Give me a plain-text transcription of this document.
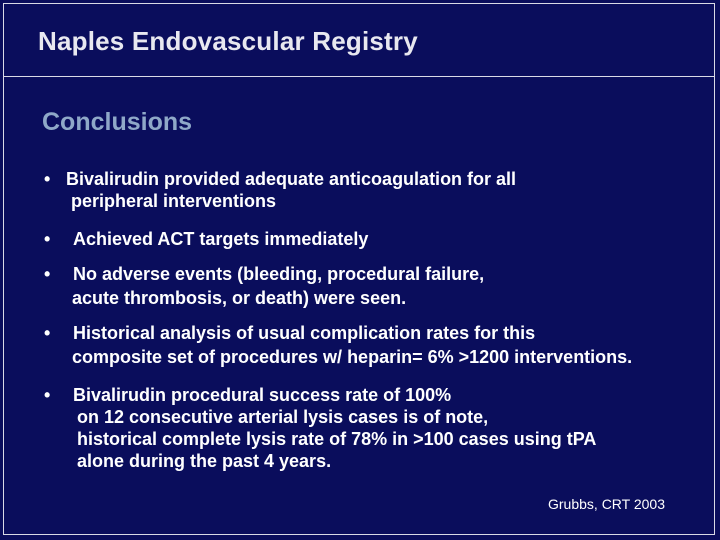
Naples Endovascular Registry
Conclusions
• Bivalirudin provided adequate anticoagulation for all
peripheral interventions
•	Achieved ACT targets immediately
•	No adverse events (bleeding, procedural failure,
acute thrombosis, or death) were seen.
•	Historical analysis of usual complication rates for this
composite set of procedures w/ heparin= 6% >1200 interventions.
•	Bivalirudin procedural success rate of 100%
on 12 consecutive arterial lysis cases is of note,
historical complete lysis rate of 78% in >100 cases using tPA
alone during the past 4 years.
Grubbs, CRT 2003
